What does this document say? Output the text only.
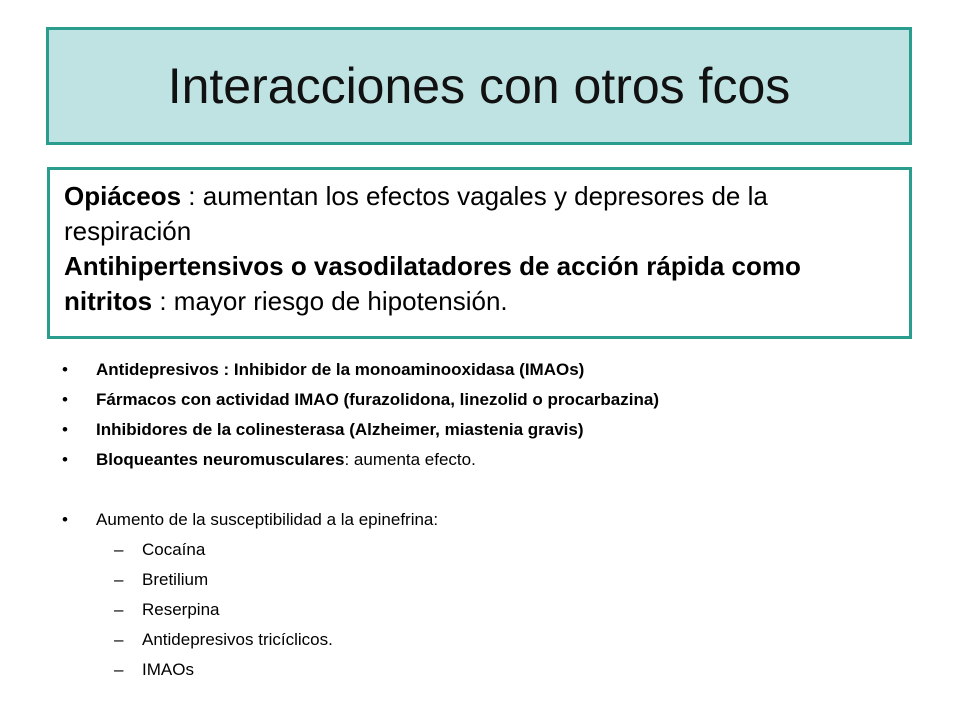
Interacciones con otros fcos

Opiáceos : aumentan los efectos vagales y depresores de la respiración

Antihipertensivos o vasodilatadores de acción rápida como nitritos : mayor riesgo de hipotensión.

•	Antidepresivos : Inhibidor de la monoaminooxidasa (IMAOs)
•	Fármacos con actividad IMAO (furazolidona, linezolid o procarbazina)
•	Inhibidores de la colinesterasa (Alzheimer, miastenia gravis)
•	Bloqueantes neuromusculares: aumenta efecto.
•	Aumento de la susceptibilidad a la epinefrina:
–	Cocaína
–	Bretilium
–	Reserpina
–	Antidepresivos tricíclicos.
–	IMAOs
